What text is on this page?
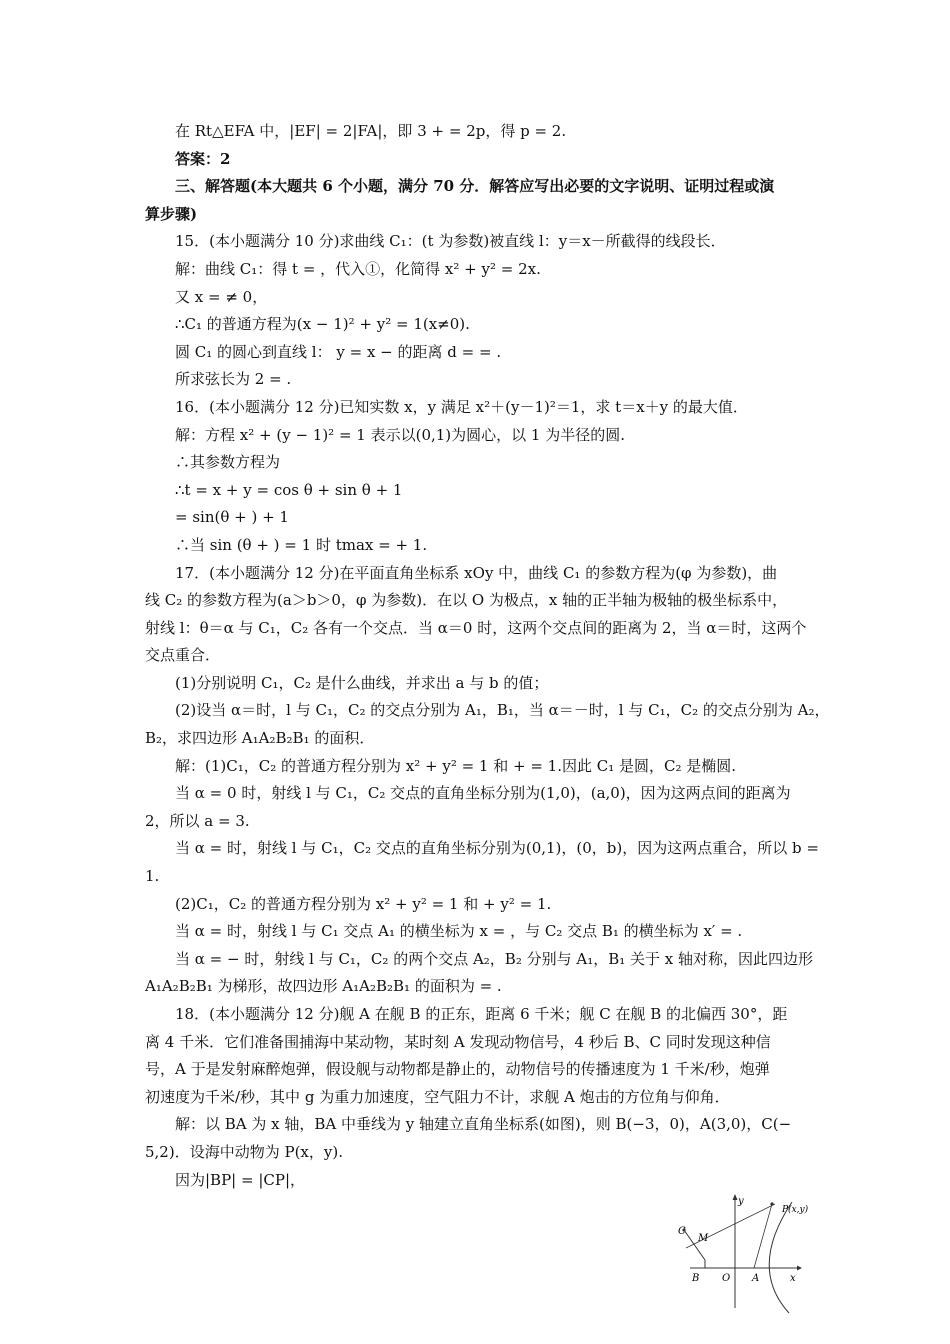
在 Rt△EFA 中，|EF| = 2|FA|，即 3 + = 2p，得 p = 2.
答案：2
三、解答题(本大题共 6 个小题，满分 70 分．解答应写出必要的文字说明、证明过程或演
算步骤)
15．(本小题满分 10 分)求曲线 C₁：(t 为参数)被直线 l：y＝x－所截得的线段长．
解：曲线 C₁：得 t = ，代入①，化简得 x² + y² = 2x.
又 x = ≠ 0，
∴C₁ 的普通方程为(x − 1)² + y² = 1(x≠0).
圆 C₁ 的圆心到直线 l： y = x − 的距离 d = = .
所求弦长为 2 = .
16．(本小题满分 12 分)已知实数 x，y 满足 x²＋(y－1)²＝1，求 t＝x＋y 的最大值．
解：方程 x² + (y − 1)² = 1 表示以(0,1)为圆心，以 1 为半径的圆.
∴其参数方程为
∴t = x + y = cos θ + sin θ + 1
= sin(θ + ) + 1
∴当 sin (θ + ) = 1 时 tmax = + 1.
17．(本小题满分 12 分)在平面直角坐标系 xOy 中，曲线 C₁ 的参数方程为(φ 为参数)，曲
线 C₂ 的参数方程为(a＞b＞0，φ 为参数)．在以 O 为极点，x 轴的正半轴为极轴的极坐标系中，
射线 l：θ＝α 与 C₁，C₂ 各有一个交点．当 α＝0 时，这两个交点间的距离为 2，当 α＝时，这两个
交点重合．
(1)分别说明 C₁，C₂ 是什么曲线，并求出 a 与 b 的值；
(2)设当 α＝时，l 与 C₁，C₂ 的交点分别为 A₁，B₁，当 α＝－时，l 与 C₁，C₂ 的交点分别为 A₂，
B₂，求四边形 A₁A₂B₂B₁ 的面积．
解：(1)C₁，C₂ 的普通方程分别为 x² + y² = 1 和 + = 1.因此 C₁ 是圆，C₂ 是椭圆.
当 α = 0 时，射线 l 与 C₁，C₂ 交点的直角坐标分别为(1,0)，(a,0)，因为这两点间的距离为
2，所以 a = 3.
当 α = 时，射线 l 与 C₁，C₂ 交点的直角坐标分别为(0,1)，(0，b)，因为这两点重合，所以 b =
1.
(2)C₁，C₂ 的普通方程分别为 x² + y² = 1 和 + y² = 1.
当 α = 时，射线 l 与 C₁ 交点 A₁ 的横坐标为 x = ，与 C₂ 交点 B₁ 的横坐标为 x′ = .
当 α = − 时，射线 l 与 C₁，C₂ 的两个交点 A₂，B₂ 分别与 A₁，B₁ 关于 x 轴对称，因此四边形
A₁A₂B₂B₁ 为梯形，故四边形 A₁A₂B₂B₁ 的面积为 = .
18．(本小题满分 12 分)舰 A 在舰 B 的正东，距离 6 千米；舰 C 在舰 B 的北偏西 30°，距
离 4 千米．它们准备围捕海中某动物，某时刻 A 发现动物信号，4 秒后 B、C 同时发现这种信
号，A 于是发射麻醉炮弹，假设舰与动物都是静止的，动物信号的传播速度为 1 千米/秒，炮弹
初速度为千米/秒，其中 g 为重力加速度，空气阻力不计，求舰 A 炮击的方位角与仰角．
解：以 BA 为 x 轴，BA 中垂线为 y 轴建立直角坐标系(如图)，则 B(−3，0)，A(3,0)，C(−
5,2)．设海中动物为 P(x，y).
因为|BP| = |CP|，
P(x,y)
y
x
O A
B
C
M
